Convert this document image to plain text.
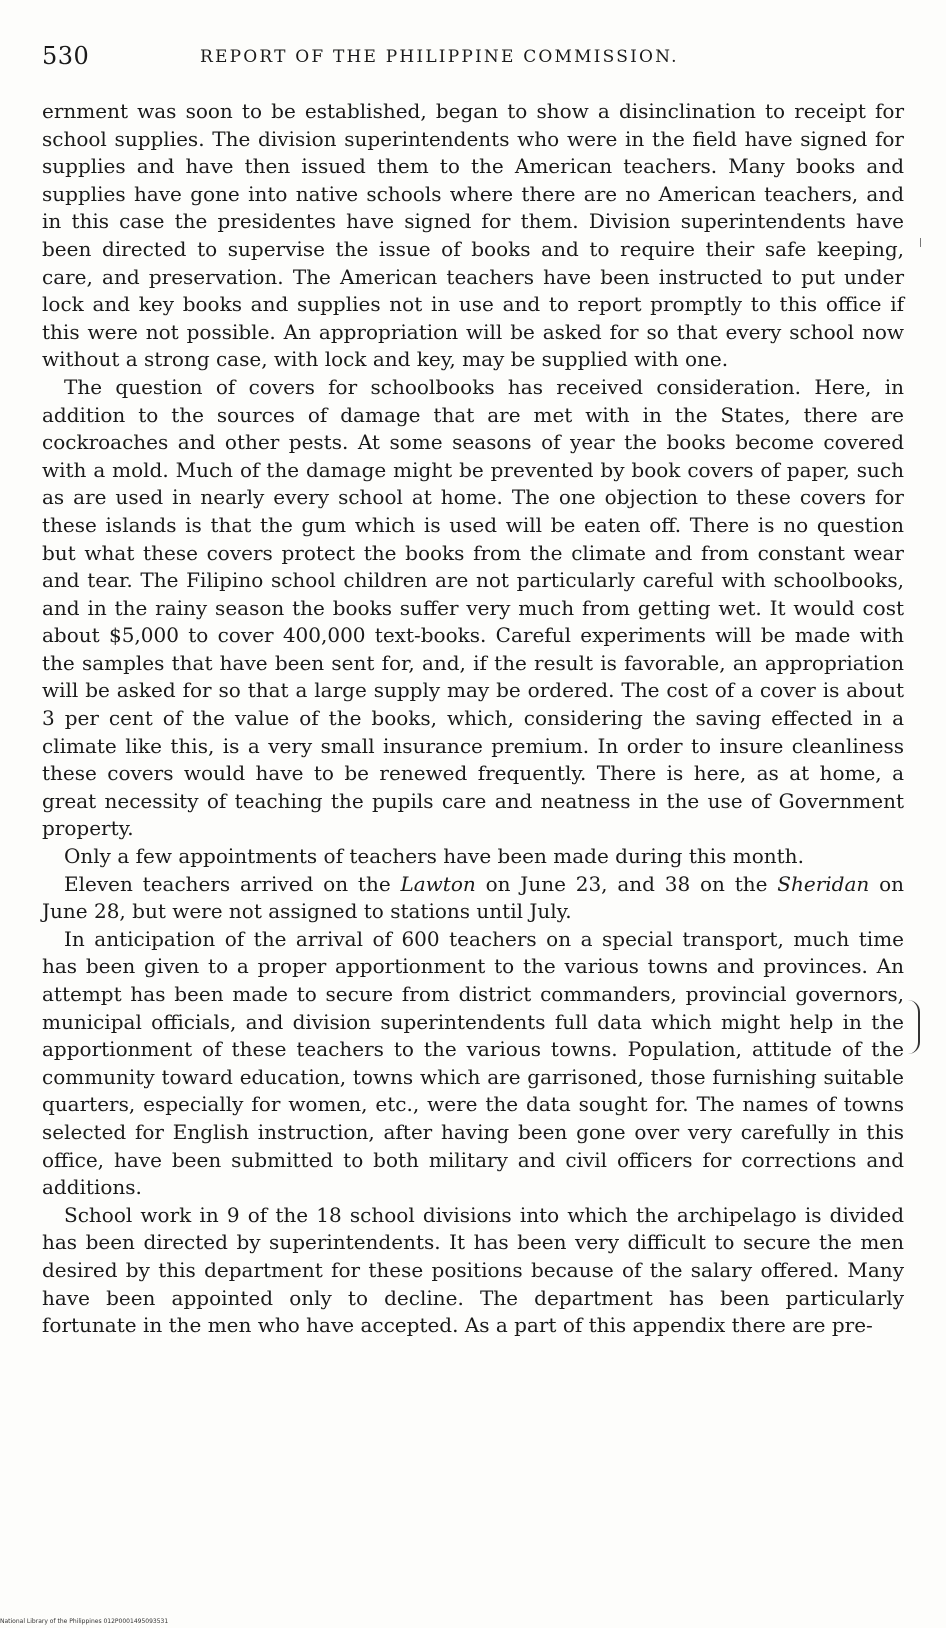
530	REPORT OF THE PHILIPPINE COMMISSION.

ernment was soon to be established, began to show a disinclination to receipt for school supplies. The division superintendents who were in the field have signed for supplies and have then issued them to the American teachers. Many books and supplies have gone into native schools where there are no American teachers, and in this case the presidentes have signed for them. Division superintendents have been directed to supervise the issue of books and to require their safe keeping, care, and preservation. The American teachers have been instructed to put under lock and key books and supplies not in use and to report promptly to this office if this were not possible. An appropriation will be asked for so that every school now without a strong case, with lock and key, may be supplied with one.

The question of covers for schoolbooks has received consideration. Here, in addition to the sources of damage that are met with in the States, there are cockroaches and other pests. At some seasons of year the books become covered with a mold. Much of the damage might be prevented by book covers of paper, such as are used in nearly every school at home. The one objection to these covers for these islands is that the gum which is used will be eaten off. There is no question but what these covers protect the books from the climate and from constant wear and tear. The Filipino school children are not particularly careful with schoolbooks, and in the rainy season the books suffer very much from getting wet. It would cost about $5,000 to cover 400,000 text-books. Careful experiments will be made with the samples that have been sent for, and, if the result is favorable, an appropriation will be asked for so that a large supply may be ordered. The cost of a cover is about 3 per cent of the value of the books, which, considering the saving effected in a climate like this, is a very small insurance premium. In order to insure cleanliness these covers would have to be renewed frequently. There is here, as at home, a great necessity of teaching the pupils care and neatness in the use of Government property.

Only a few appointments of teachers have been made during this month.

Eleven teachers arrived on the Lawton on June 23, and 38 on the Sheridan on June 28, but were not assigned to stations until July.

In anticipation of the arrival of 600 teachers on a special transport, much time has been given to a proper apportionment to the various towns and provinces. An attempt has been made to secure from district commanders, provincial governors, municipal officials, and division superintendents full data which might help in the apportionment of these teachers to the various towns. Population, attitude of the community toward education, towns which are garrisoned, those furnishing suitable quarters, especially for women, etc., were the data sought for. The names of towns selected for English instruction, after having been gone over very carefully in this office, have been submitted to both military and civil officers for corrections and additions.

School work in 9 of the 18 school divisions into which the archipelago is divided has been directed by superintendents. It has been very difficult to secure the men desired by this department for these positions because of the salary offered. Many have been appointed only to decline. The department has been particularly fortunate in the men who have accepted. As a part of this appendix there are pre-

National Library of the Philippines 012P0001495093531
